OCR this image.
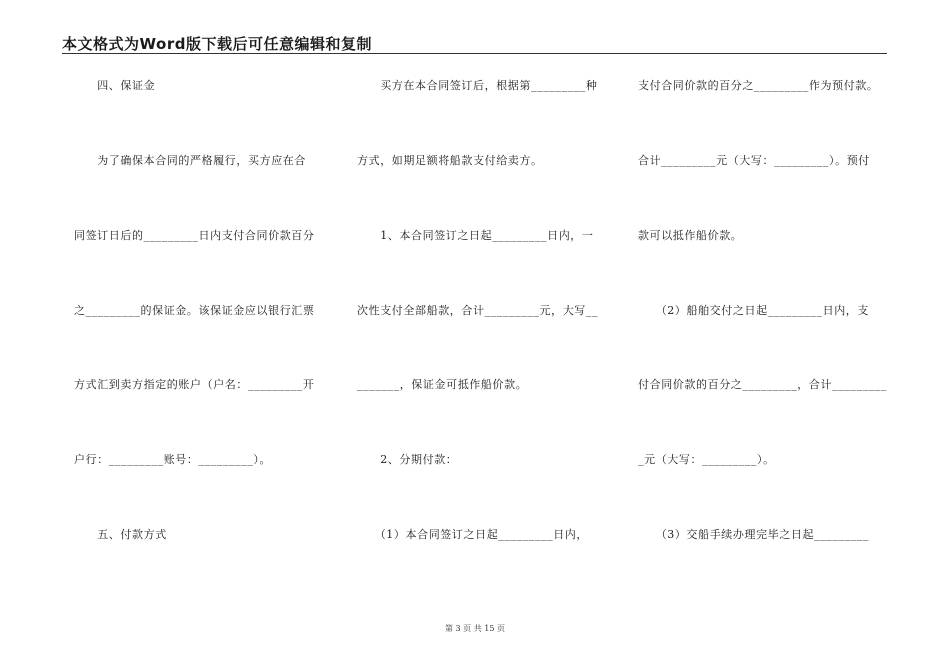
本文格式为Word版下载后可任意编辑和复制
　　四、保证金
　　为了确保本合同的严格履行，买方应在合
同签订日后的_________日内支付合同价款百分
之_________的保证金。该保证金应以银行汇票
方式汇到卖方指定的账户（户名：_________开
户行：_________账号：_________）。
　　五、付款方式
　　买方在本合同签订后，根据第_________种
方式，如期足额将船款支付给卖方。
　　1、本合同签订之日起_________日内，一
次性支付全部船款，合计_________元，大写__
_______，保证金可抵作船价款。
　　2、分期付款：
　　（1）本合同签订之日起_________日内，
支付合同价款的百分之_________作为预付款。
合计_________元（大写：_________）。预付
款可以抵作船价款。
　　（2）船舶交付之日起_________日内，支
付合同价款的百分之_________，合计_________
_元（大写：_________）。
　　（3）交船手续办理完毕之日起_________
第 3 页 共 15 页
